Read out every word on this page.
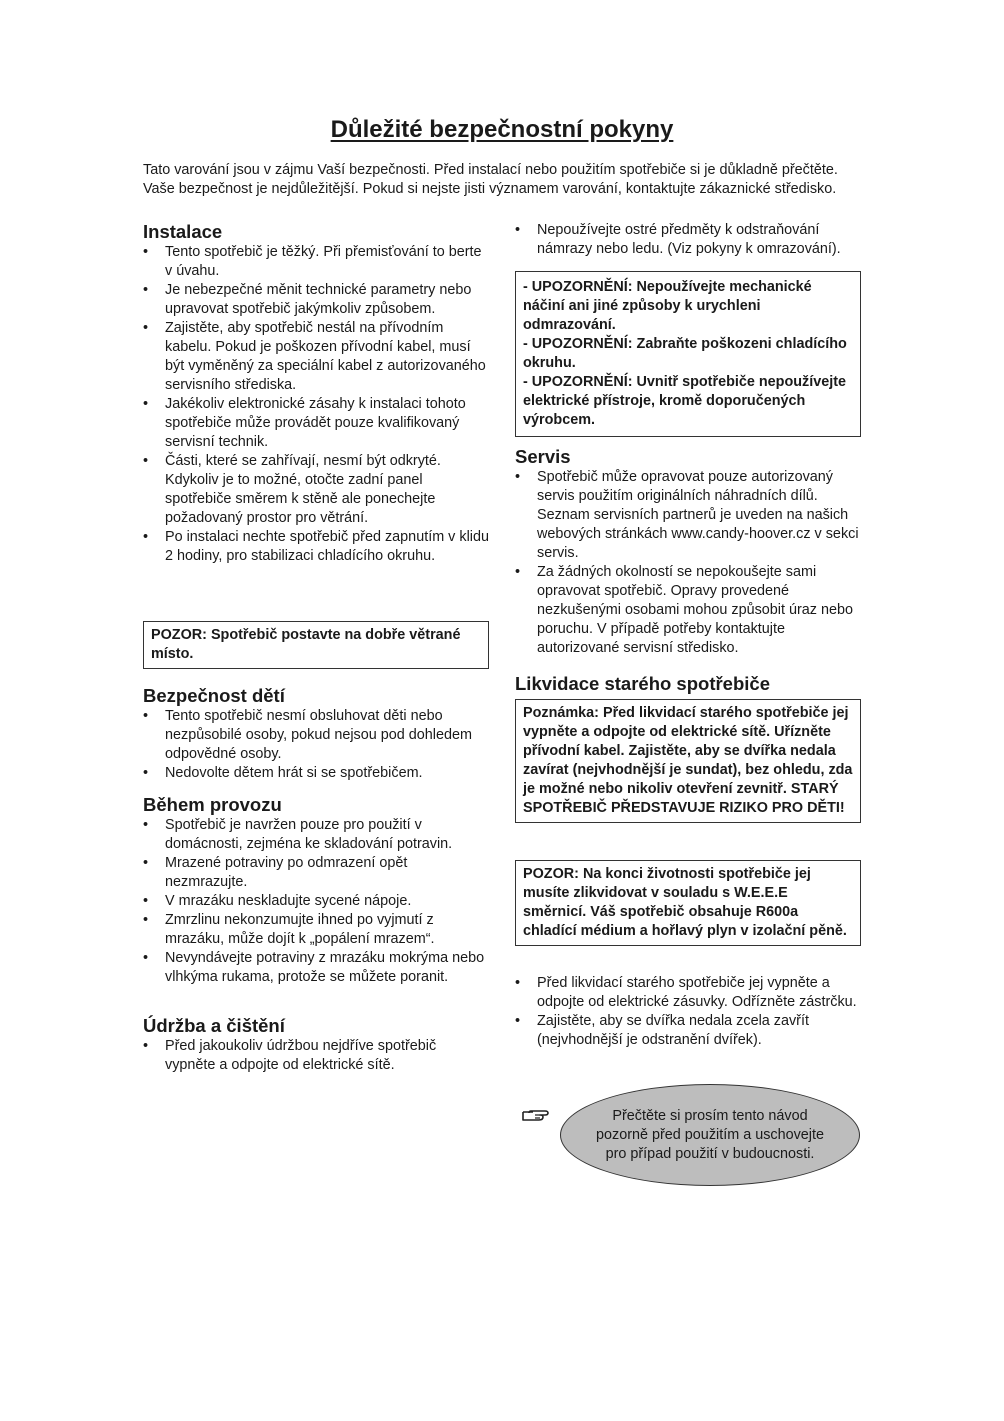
Důležité bezpečnostní pokyny

Tato varování jsou v zájmu Vaší bezpečnosti. Před instalací nebo použitím spotřebiče si je důkladně přečtěte. Vaše bezpečnost je nejdůležitější. Pokud si nejste jisti významem varování, kontaktujte zákaznické středisko.

Instalace
• Tento spotřebič je těžký. Při přemisťování to berte v úvahu.
• Je nebezpečné měnit technické parametry nebo upravovat spotřebič jakýmkoliv způsobem.
• Zajistěte, aby spotřebič nestál na přívodním kabelu. Pokud je poškozen přívodní kabel, musí být vyměněný za speciální kabel z autorizovaného servisního střediska.
• Jakékoliv elektronické zásahy k instalaci tohoto spotřebiče může provádět pouze kvalifikovaný servisní technik.
• Části, které se zahřívají, nesmí být odkryté. Kdykoliv je to možné, otočte zadní panel spotřebiče směrem k stěně ale ponechejte požadovaný prostor pro větrání.
• Po instalaci nechte spotřebič před zapnutím v klidu 2 hodiny, pro stabilizaci chladícího okruhu.

POZOR: Spotřebič postavte na dobře větrané místo.

Bezpečnost dětí
• Tento spotřebič nesmí obsluhovat děti nebo nezpůsobilé osoby, pokud nejsou pod dohledem odpovědné osoby.
• Nedovolte dětem hrát si se spotřebičem.
Během provozu
• Spotřebič je navržen pouze pro použití v domácnosti, zejména ke skladování potravin.
• Mrazené potraviny po odmrazení opět nezmrazujte.
• V mrazáku neskladujte sycené nápoje.
• Zmrzlinu nekonzumujte ihned po vyjmutí z mrazáku, může dojít k „popálení mrazem“.
• Nevyndávejte potraviny z mrazáku mokrýma nebo vlhkýma rukama, protože se můžete poranit.
Údržba a čištění
• Před jakoukoliv údržbou nejdříve spotřebič vypněte a odpojte od elektrické sítě.
• Nepoužívejte ostré předměty k odstraňování námrazy nebo ledu. (Viz pokyny k omrazování).

- UPOZORNĚNÍ: Nepoužívejte mechanické náčiní ani jiné způsoby k urychleni odmrazování.

- UPOZORNĚNÍ: Zabraňte poškozeni chladícího okruhu.

- UPOZORNĚNÍ: Uvnitř spotřebiče nepoužívejte elektrické přístroje, kromě doporučených výrobcem.

Servis
• Spotřebič může opravovat pouze autorizovaný servis použitím originálních náhradních dílů. Seznam servisních partnerů je uveden na našich webových stránkách www.candy-hoover.cz v sekci servis.
• Za žádných okolností se nepokoušejte sami opravovat spotřebič. Opravy provedené nezkušenými osobami mohou způsobit úraz nebo poruchu. V případě potřeby kontaktujte autorizované servisní středisko.
Likvidace starého spotřebiče

Poznámka: Před likvidací starého spotřebiče jej vypněte a odpojte od elektrické sítě. Uřízněte přívodní kabel. Zajistěte, aby se dvířka nedala zavírat (nejvhodnější je sundat), bez ohledu, zda je možné nebo nikoliv otevření zevnitř. STARÝ SPOTŘEBIČ PŘEDSTAVUJE RIZIKO PRO DĚTI!

POZOR: Na konci životnosti spotřebiče jej musíte zlikvidovat v souladu s W.E.E.E směrnicí. Váš spotřebič obsahuje R600a chladící médium a hořlavý plyn v izolační pěně.

• Před likvidací starého spotřebiče jej vypněte a odpojte od elektrické zásuvky. Odřízněte zástrčku.
• Zajistěte, aby se dvířka nedala zcela zavřít (nejvhodnější je odstranění dvířek).
Přečtěte si prosím tento návod pozorně před použitím a uschovejte pro případ použití v budoucnosti.
